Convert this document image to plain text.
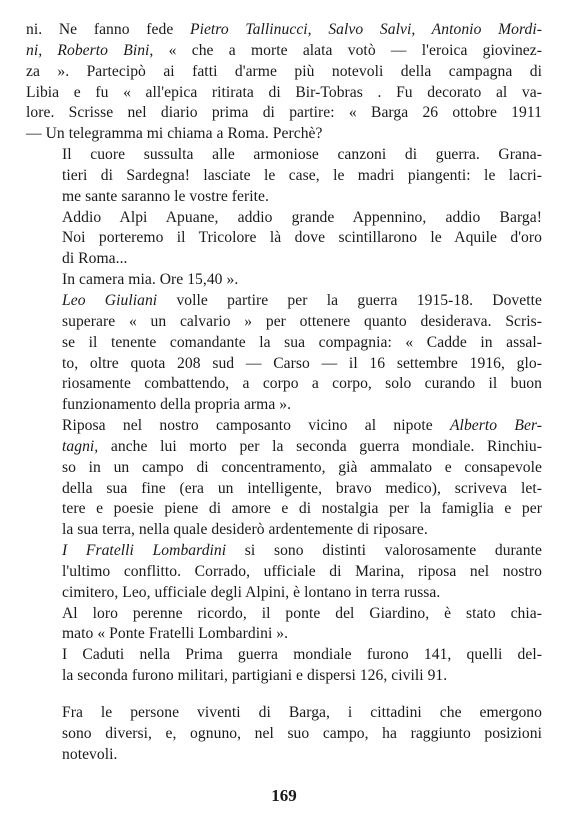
ni. Ne fanno fede Pietro Tallinucci, Salvo Salvi, Antonio Mordi-
ni, Roberto Bini, « che a morte alata votò — l'eroica giovinez-
za ». Partecipò ai fatti d'arme più notevoli della campagna di
Libia e fu « all'epica ritirata di Bir-Tobras . Fu decorato al va-
lore. Scrisse nel diario prima di partire: « Barga 26 ottobre 1911
— Un telegramma mi chiama a Roma. Perchè?

Il cuore sussulta alle armoniose canzoni di guerra. Grana-
tieri di Sardegna! lasciate le case, le madri piangenti: le lacri-
me sante saranno le vostre ferite.

Addio Alpi Apuane, addio grande Appennino, addio Barga!
Noi porteremo il Tricolore là dove scintillarono le Aquile d'oro
di Roma...

In camera mia. Ore 15,40 ».

Leo Giuliani volle partire per la guerra 1915-18. Dovette
superare « un calvario » per ottenere quanto desiderava. Scris-
se il tenente comandante la sua compagnia: « Cadde in assal-
to, oltre quota 208 sud — Carso — il 16 settembre 1916, glo-
riosamente combattendo, a corpo a corpo, solo curando il buon
funzionamento della propria arma ».

Riposa nel nostro camposanto vicino al nipote Alberto Ber-
tagni, anche lui morto per la seconda guerra mondiale. Rinchiu-
so in un campo di concentramento, già ammalato e consapevole
della sua fine (era un intelligente, bravo medico), scriveva let-
tere e poesie piene di amore e di nostalgia per la famiglia e per
la sua terra, nella quale desiderò ardentemente di riposare.

I Fratelli Lombardini si sono distinti valorosamente durante
l'ultimo conflitto. Corrado, ufficiale di Marina, riposa nel nostro
cimitero, Leo, ufficiale degli Alpini, è lontano in terra russa.

Al loro perenne ricordo, il ponte del Giardino, è stato chia-
mato « Ponte Fratelli Lombardini ».

I Caduti nella Prima guerra mondiale furono 141, quelli del-
la seconda furono militari, partigiani e dispersi 126, civili 91.

Fra le persone viventi di Barga, i cittadini che emergono
sono diversi, e, ognuno, nel suo campo, ha raggiunto posizioni
notevoli.

169
